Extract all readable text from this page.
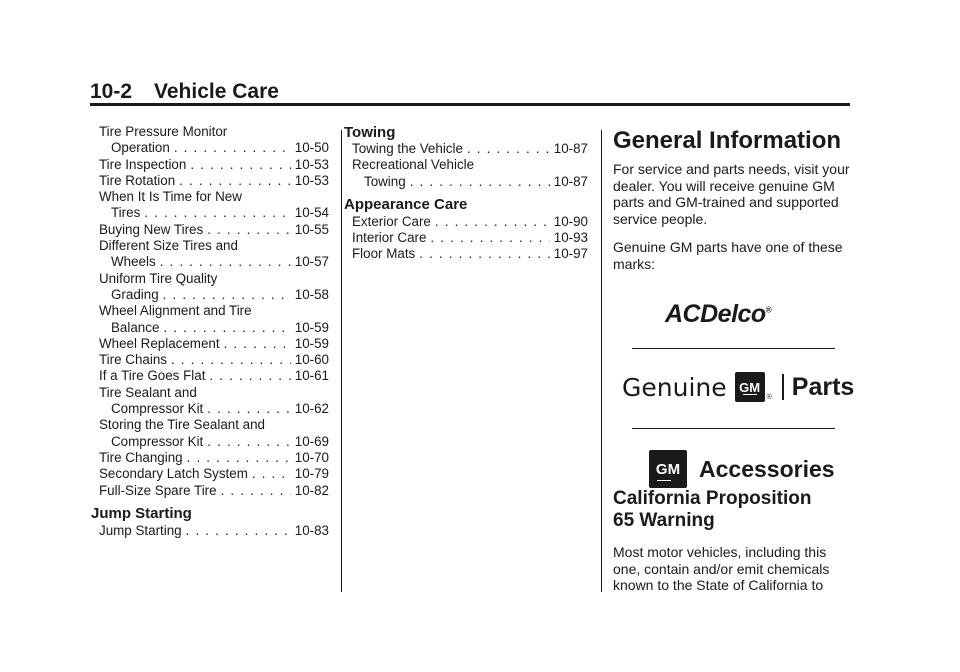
10-2 Vehicle Care
Tire Pressure Monitor
Operation . . .	10-50
Tire Inspection . . .	10-53
Tire Rotation . . .	10-53
When It Is Time for New
Tires . . .	10-54
Buying New Tires . . .	10-55
Different Size Tires and
Wheels . . .	10-57
Uniform Tire Quality
Grading . . .	10-58
Wheel Alignment and Tire
Balance . . .	10-59
Wheel Replacement . . .	10-59
Tire Chains . . .	10-60
If a Tire Goes Flat . . .	10-61
Tire Sealant and
Compressor Kit . . .	10-62
Storing the Tire Sealant and
Compressor Kit . . .	10-69
Tire Changing . . .	10-70
Secondary Latch System . . .	10-79
Full-Size Spare Tire . . .	10-82
Jump Starting
Jump Starting . . .	10-83
Towing
Towing the Vehicle . . .	10-87
Recreational Vehicle
Towing . . .	10-87
Appearance Care
Exterior Care . . .	10-90
Interior Care . . .	10-93
Floor Mats . . .	10-97
General Information

For service and parts needs, visit your dealer. You will receive genuine GM parts and GM-trained and supported service people.

Genuine GM parts have one of these marks:

ACDelco®
Genuine GM
® Parts
GM Accessories
California Proposition
65 Warning

Most motor vehicles, including this one, contain and/or emit chemicals known to the State of California to
